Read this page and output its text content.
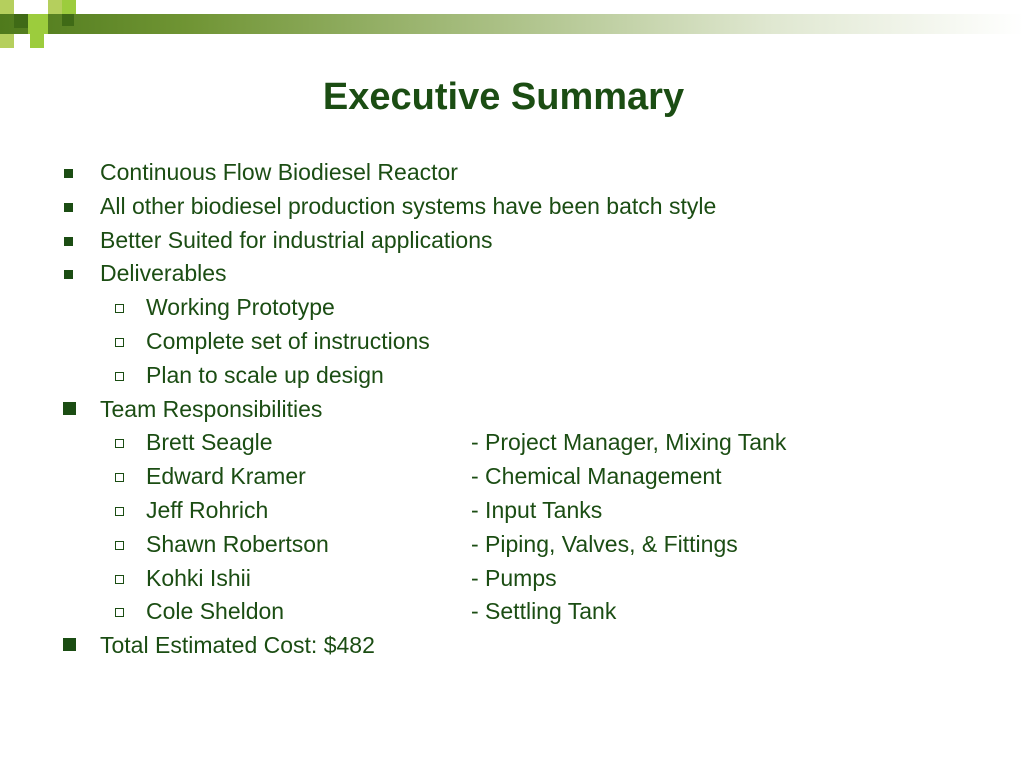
Executive Summary
Continuous Flow Biodiesel Reactor
All other biodiesel production systems have been batch style
Better Suited for industrial applications
Deliverables
Working Prototype
Complete set of instructions
Plan to scale up design
Team Responsibilities
Brett Seagle	- Project Manager, Mixing Tank
Edward Kramer	- Chemical Management
Jeff Rohrich	- Input Tanks
Shawn Robertson	- Piping, Valves, & Fittings
Kohki Ishii	- Pumps
Cole Sheldon	- Settling Tank
Total Estimated Cost: $482
